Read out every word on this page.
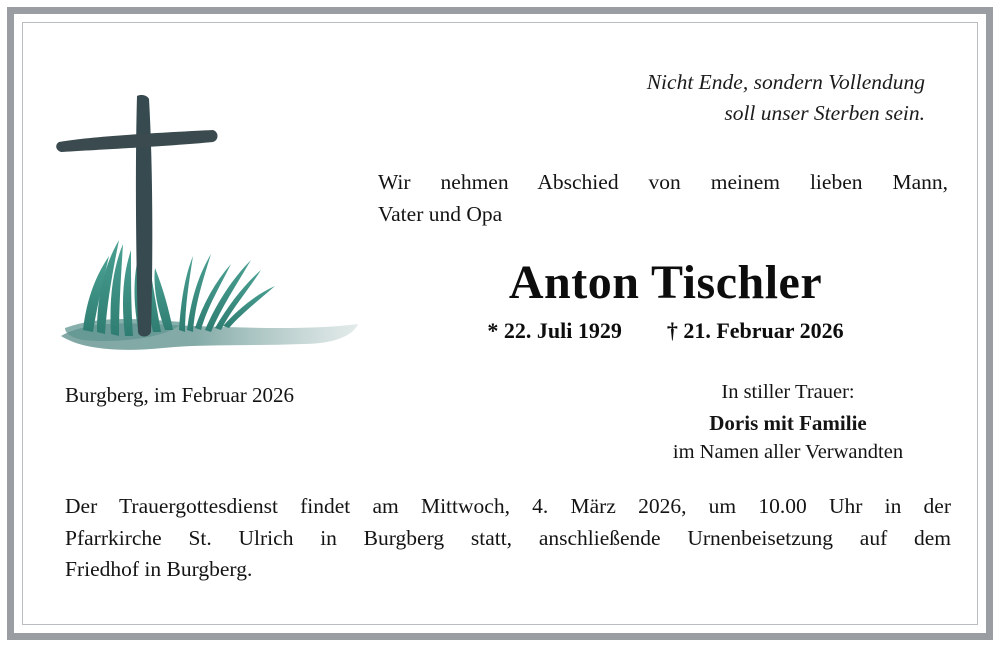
Nicht Ende, sondern Vollendung
soll unser Sterben sein.
Wir nehmen Abschied von meinem lieben Mann,
Vater und Opa
Anton Tischler
* 22. Juli 1929 † 21. Februar 2026
Burgberg, im Februar 2026	In stiller Trauer:
Doris mit Familie
im Namen aller Verwandten
Der Trauergottesdienst findet am Mittwoch, 4. März 2026, um 10.00 Uhr in der
Pfarrkirche St. Ulrich in Burgberg statt, anschließende Urnenbeisetzung auf dem
Friedhof in Burgberg.
